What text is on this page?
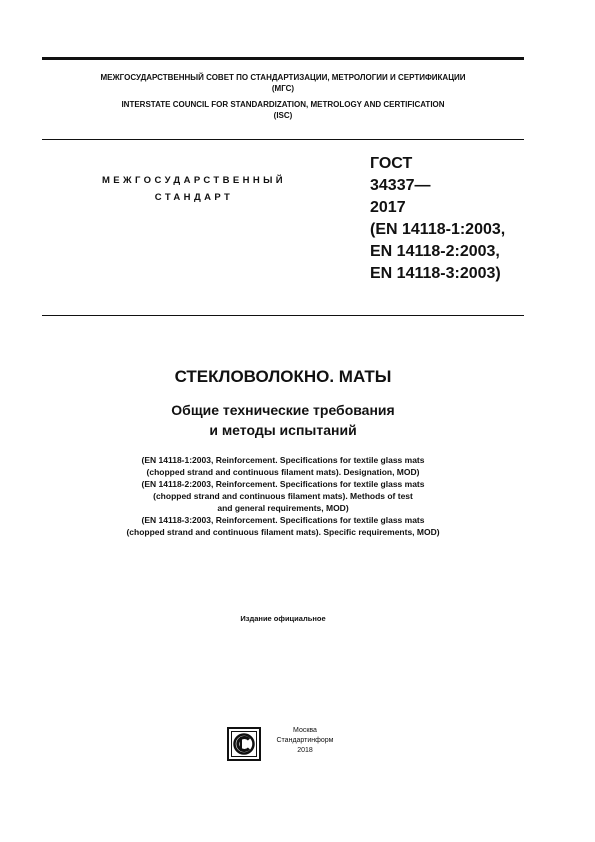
МЕЖГОСУДАРСТВЕННЫЙ СОВЕТ ПО СТАНДАРТИЗАЦИИ, МЕТРОЛОГИИ И СЕРТИФИКАЦИИ
(МГС)
INTERSTATE COUNCIL FOR STANDARDIZATION, METROLOGY AND CERTIFICATION
(ISC)
МЕЖГОСУДАРСТВЕННЫЙ
СТАНДАРТ
ГОСТ
34337—
2017
(EN 14118-1:2003,
EN 14118-2:2003,
EN 14118-3:2003)
СТЕКЛОВОЛОКНО. МАТЫ
Общие технические требования
и методы испытаний
(EN 14118-1:2003, Reinforcement. Specifications for textile glass mats
(chopped strand and continuous filament mats). Designation, MOD)
(EN 14118-2:2003, Reinforcement. Specifications for textile glass mats
(chopped strand and continuous filament mats). Methods of test
and general requirements, MOD)
(EN 14118-3:2003, Reinforcement. Specifications for textile glass mats
(chopped strand and continuous filament mats). Specific requirements, MOD)
Издание официальное
Москва
Стандартинформ
2018
